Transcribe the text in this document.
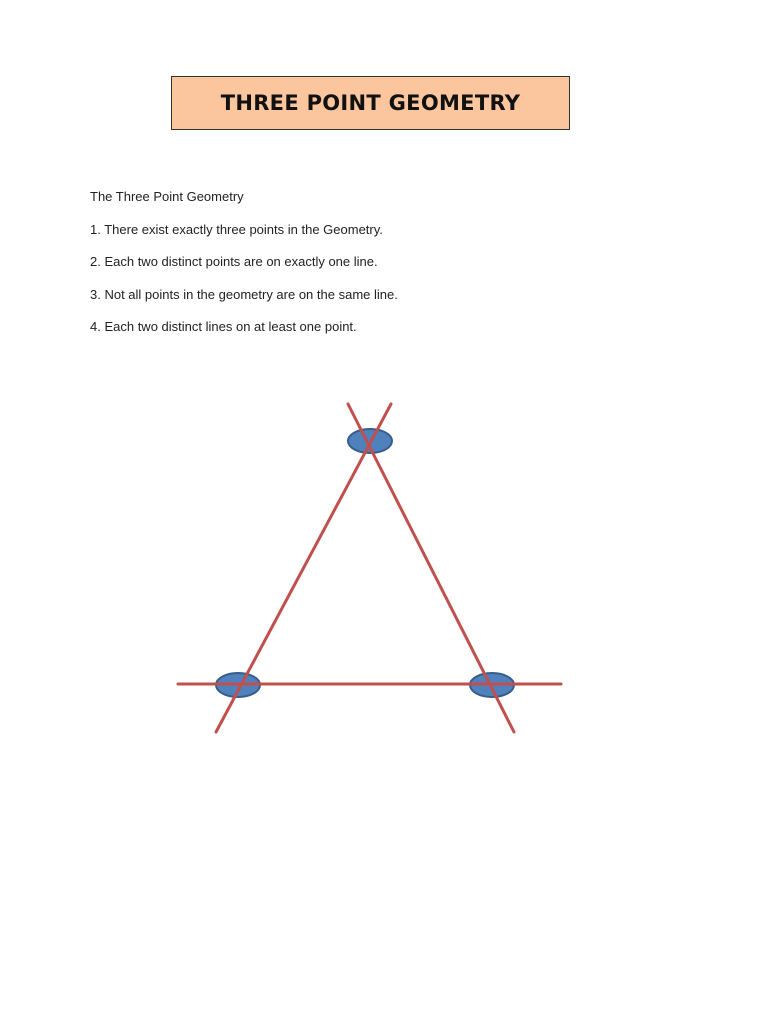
THREE POINT GEOMETRY
The Three Point Geometry
1. There exist exactly three points in the Geometry.
2. Each two distinct points are on exactly one line.
3. Not all points in the geometry are on the same line.
4. Each two distinct lines on at least one point.
